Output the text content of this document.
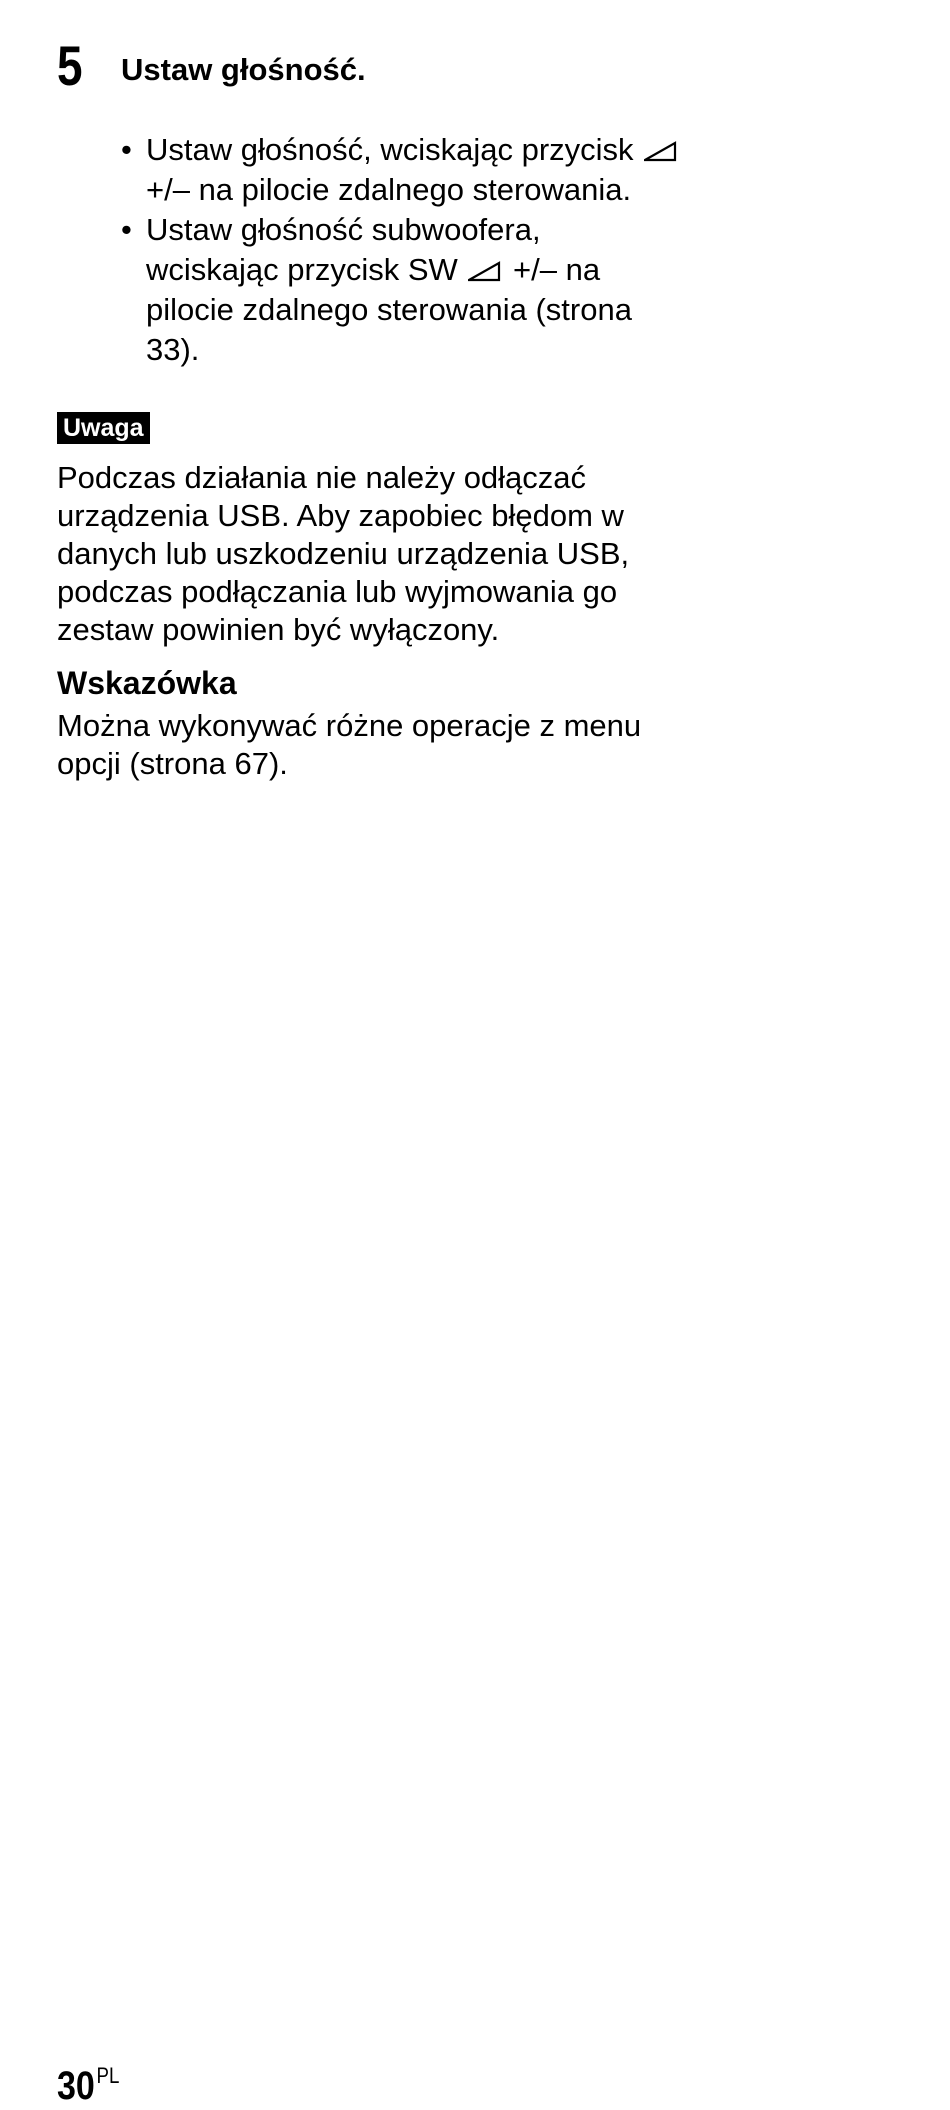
5 Ustaw głośność.
• Ustaw głośność, wciskając przycisk  +/– na pilocie zdalnego sterowania.
• Ustaw głośność subwoofera, wciskając przycisk SW +/– na pilocie zdalnego sterowania (strona 33).
Uwaga

Podczas działania nie należy odłączać urządzenia USB. Aby zapobiec błędom w danych lub uszkodzeniu urządzenia USB, podczas podłączania lub wyjmowania go zestaw powinien być wyłączony.

Wskazówka

Można wykonywać różne operacje z menu opcji (strona 67).

$30^{PL}$
